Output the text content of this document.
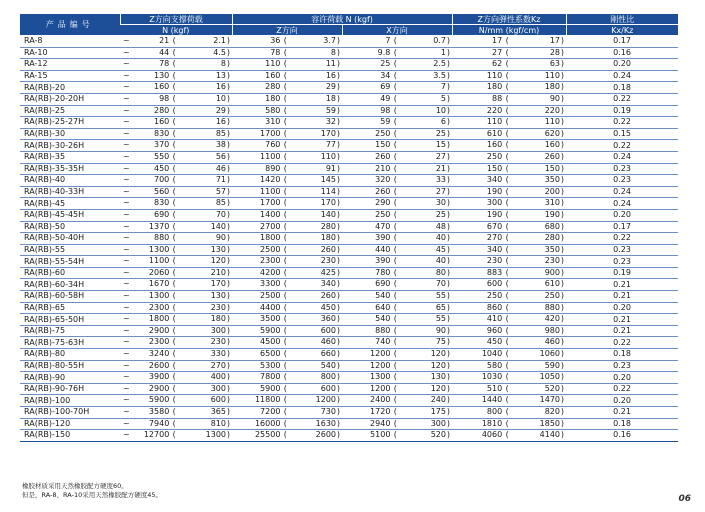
产品编号	Z方向支撑荷载	容许荷载 N (kgf)		Z方向弹性系数Kz	刚性比
	N (kgf)	Z方向	X方向	N/mm (kgf/cm)	Kx/Kz
RA-8	~ 21 ( 2.1 )	36 ( 3.7 )	7 ( 0.7 )	17 ( 17 )	0.17
RA-10	~ 44 ( 4.5 )	78 ( 8 )	9.8 ( 1 )	27 ( 28 )	0.16
RA-12	~ 78 ( 8 )	110 ( 11 )	25 ( 2.5 )	62 ( 63 )	0.20
RA-15	~ 130 ( 13 )	160 ( 16 )	34 ( 3.5 )	110 ( 110 )	0.24
RA(RB)-20	~ 160 ( 16 )	280 ( 29 )	69 ( 7 )	180 ( 180 )	0.18
RA(RB)-20-20H	~ 98 ( 10 )	180 ( 18 )	49 ( 5 )	88 ( 90 )	0.22
RA(RB)-25	~ 280 ( 29 )	580 ( 59 )	98 ( 10 )	220 ( 220 )	0.19
RA(RB)-25-27H	~ 160 ( 16 )	310 ( 32 )	59 ( 6 )	110 ( 110 )	0.22
RA(RB)-30	~ 830 ( 85 )	1700 ( 170 )	250 ( 25 )	610 ( 620 )	0.15
RA(RB)-30-26H	~ 370 ( 38 )	760 ( 77 )	150 ( 15 )	160 ( 160 )	0.22
RA(RB)-35	~ 550 ( 56 )	1100 ( 110 )	260 ( 27 )	250 ( 260 )	0.24
RA(RB)-35-35H	~ 450 ( 46 )	890 ( 91 )	210 ( 21 )	150 ( 150 )	0.23
RA(RB)-40	~ 700 ( 71 )	1420 ( 145 )	320 ( 33 )	340 ( 350 )	0.23
RA(RB)-40-33H	~ 560 ( 57 )	1100 ( 114 )	260 ( 27 )	190 ( 200 )	0.24
RA(RB)-45	~ 830 ( 85 )	1700 ( 170 )	290 ( 30 )	300 ( 310 )	0.24
RA(RB)-45-45H	~ 690 ( 70 )	1400 ( 140 )	250 ( 25 )	190 ( 190 )	0.20
RA(RB)-50	~ 1370 ( 140 )	2700 ( 280 )	470 ( 48 )	670 ( 680 )	0.17
RA(RB)-50-40H	~ 880 ( 90 )	1800 ( 180 )	390 ( 40 )	270 ( 280 )	0.22
RA(RB)-55	~ 1300 ( 130 )	2500 ( 260 )	440 ( 45 )	340 ( 350 )	0.23
RA(RB)-55-54H	~ 1100 ( 120 )	2300 ( 230 )	390 ( 40 )	230 ( 230 )	0.23
RA(RB)-60	~ 2060 ( 210 )	4200 ( 425 )	780 ( 80 )	883 ( 900 )	0.19
RA(RB)-60-34H	~ 1670 ( 170 )	3300 ( 340 )	690 ( 70 )	600 ( 610 )	0.21
RA(RB)-60-58H	~ 1300 ( 130 )	2500 ( 260 )	540 ( 55 )	250 ( 250 )	0.21
RA(RB)-65	~ 2300 ( 230 )	4400 ( 450 )	640 ( 65 )	860 ( 880 )	0.20
RA(RB)-65-50H	~ 1800 ( 180 )	3500 ( 360 )	540 ( 55 )	410 ( 420 )	0.21
RA(RB)-75	~ 2900 ( 300 )	5900 ( 600 )	880 ( 90 )	960 ( 980 )	0.21
RA(RB)-75-63H	~ 2300 ( 230 )	4500 ( 460 )	740 ( 75 )	450 ( 460 )	0.22
RA(RB)-80	~ 3240 ( 330 )	6500 ( 660 )	1200 ( 120 )	1040 ( 1060 )	0.18
RA(RB)-80-55H	~ 2600 ( 270 )	5300 ( 540 )	1200 ( 120 )	580 ( 590 )	0.23
RA(RB)-90	~ 3900 ( 400 )	7800 ( 800 )	1300 ( 130 )	1030 ( 1050 )	0.20
RA(RB)-90-76H	~ 2900 ( 300 )	5900 ( 600 )	1200 ( 120 )	510 ( 520 )	0.22
RA(RB)-100	~ 5900 ( 600 )	11800 ( 1200 )	2400 ( 240 )	1440 ( 1470 )	0.20
RA(RB)-100-70H	~ 3580 ( 365 )	7200 ( 730 )	1720 ( 175 )	800 ( 820 )	0.21
RA(RB)-120	~ 7940 ( 810 )	16000 ( 1630 )	2940 ( 300 )	1810 ( 1850 )	0.18
RA(RB)-150	~ 12700 ( 1300 )	25500 ( 2600 )	5100 ( 520 )	4060 ( 4140 )	0.16
橡胶材质采用天然橡胶配方硬度60。
但是，RA-8、RA-10采用天然橡胶配方硬度45。	06
